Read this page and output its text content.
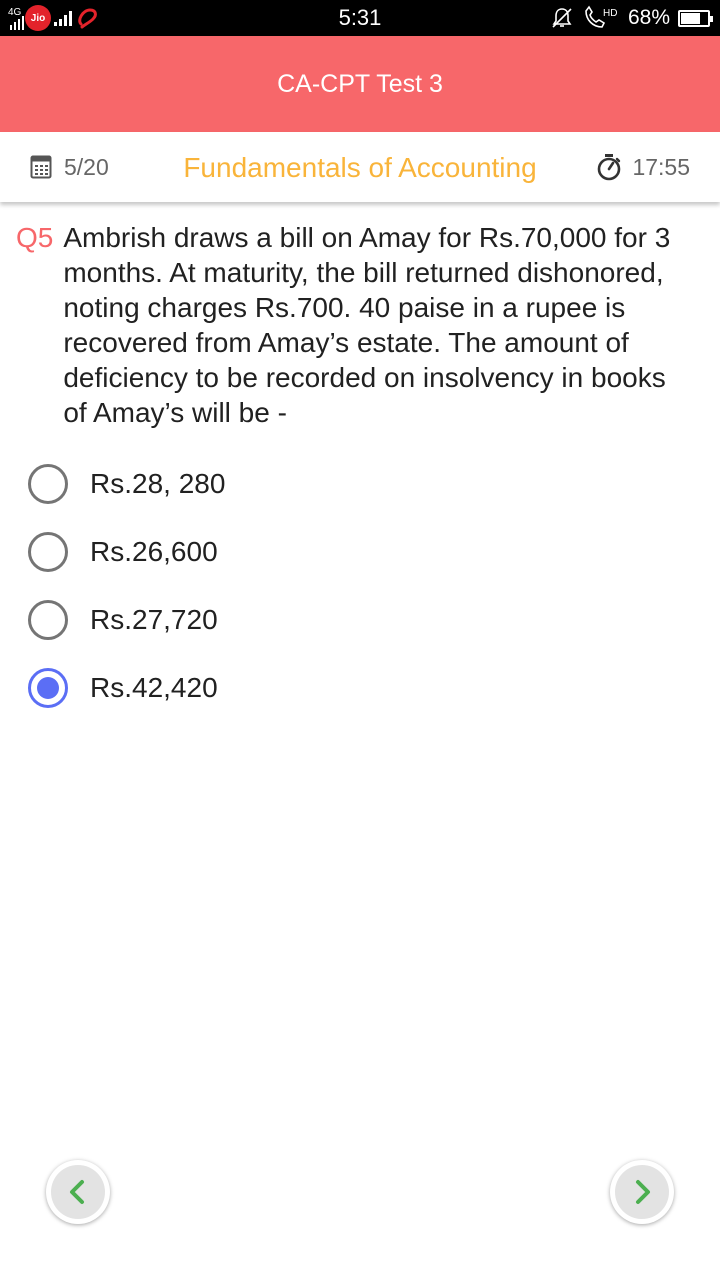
4G Jio	5:31	HD 68%
CA-CPT Test 3
5/20	Fundamentals of Accounting	17:55
Q5 Ambrish draws a bill on Amay for Rs.70,000 for 3 months. At maturity, the bill returned dishonored, noting charges Rs.700. 40 paise in a rupee is recovered from Amay’s estate. The amount of deficiency to be recorded on insolvency in books of Amay’s will be -
Rs.28, 280
Rs.26,600
Rs.27,720
Rs.42,420
